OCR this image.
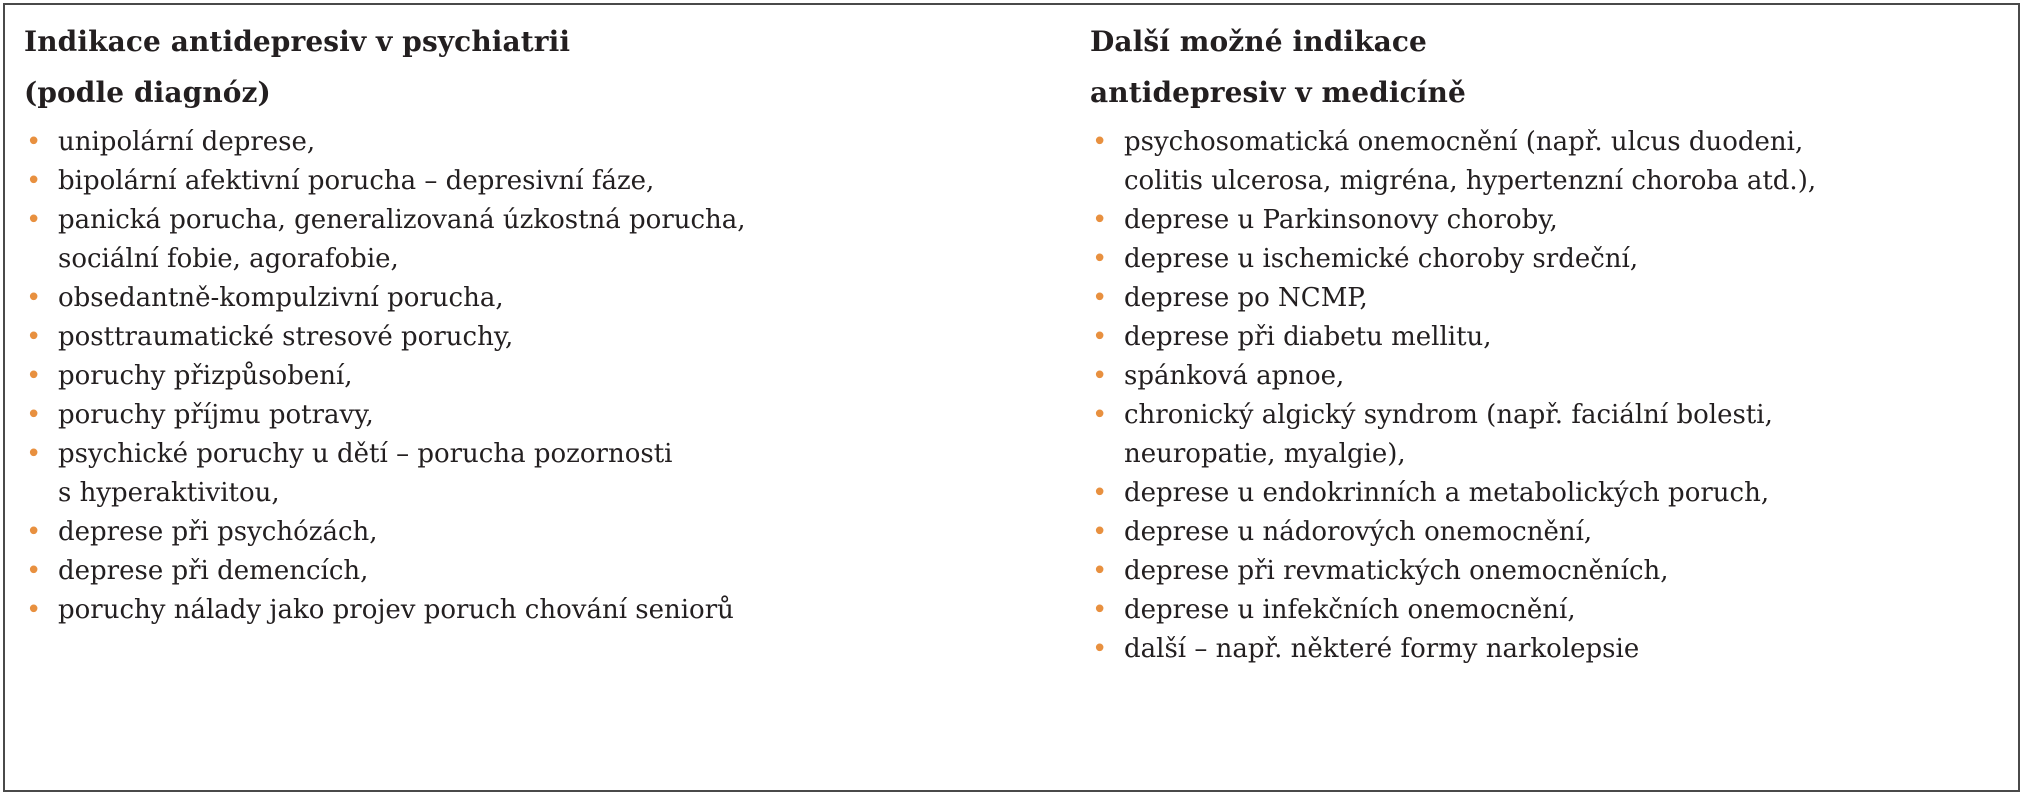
Indikace antidepresiv v psychiatrii
(podle diagnóz)
• unipolární deprese,
• bipolární afektivní porucha – depresivní fáze,
• panická porucha, generalizovaná úzkostná porucha,
sociální fobie, agorafobie,
• obsedantně-kompulzivní porucha,
• posttraumatické stresové poruchy,
• poruchy přizpůsobení,
• poruchy příjmu potravy,
• psychické poruchy u dětí – porucha pozornosti
s hyperaktivitou,
• deprese při psychózách,
• deprese při demencích,
• poruchy nálady jako projev poruch chování seniorů
Další možné indikace
antidepresiv v medicíně
• psychosomatická onemocnění (např. ulcus duodeni,
colitis ulcerosa, migréna, hypertenzní choroba atd.),
• deprese u Parkinsonovy choroby,
• deprese u ischemické choroby srdeční,
• deprese po NCMP,
• deprese při diabetu mellitu,
• spánková apnoe,
• chronický algický syndrom (např. faciální bolesti,
neuropatie, myalgie),
• deprese u endokrinních a metabolických poruch,
• deprese u nádorových onemocnění,
• deprese při revmatických onemocněních,
• deprese u infekčních onemocnění,
• další – např. některé formy narkolepsie
